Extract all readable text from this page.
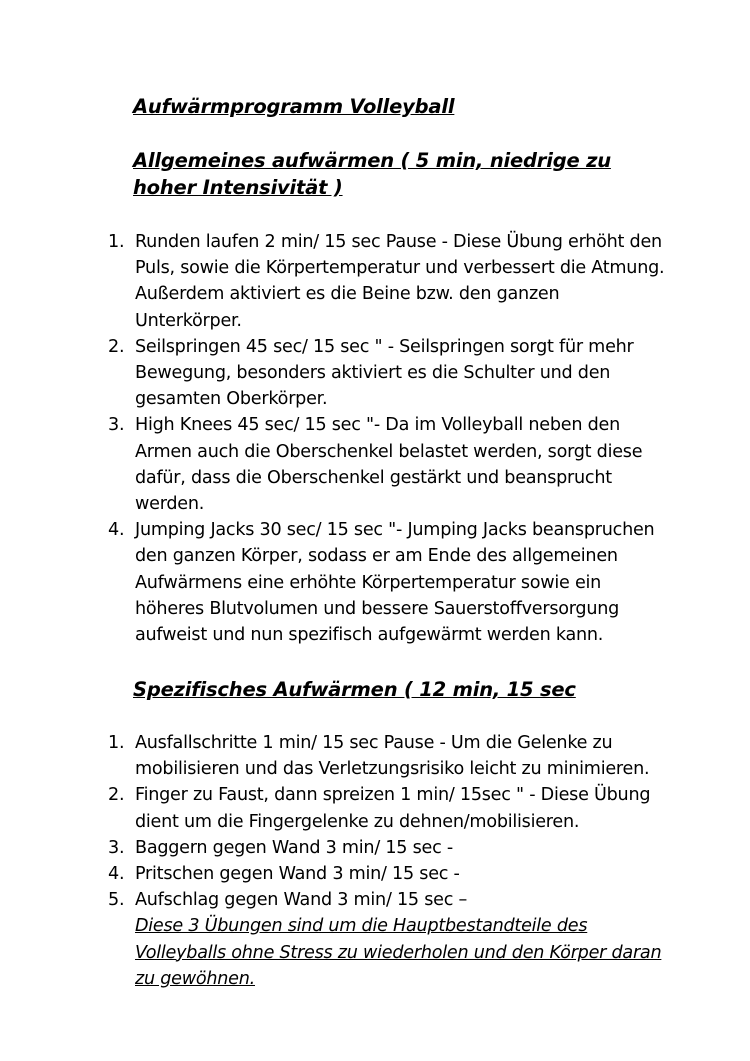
Aufwärmprogramm Volleyball
Allgemeines aufwärmen ( 5 min, niedrige zu hoher Intensivität )
1. Runden laufen 2 min/ 15 sec Pause - Diese Übung erhöht den Puls, sowie die Körpertemperatur und verbessert die Atmung. Außerdem aktiviert es die Beine bzw. den ganzen Unterkörper.
2. Seilspringen 45 sec/ 15 sec " - Seilspringen sorgt für mehr Bewegung, besonders aktiviert es die Schulter und den gesamten Oberkörper.
3. High Knees 45 sec/ 15 sec "- Da im Volleyball neben den Armen auch die Oberschenkel belastet werden, sorgt diese dafür, dass die Oberschenkel gestärkt und beansprucht werden.
4. Jumping Jacks 30 sec/ 15 sec "- Jumping Jacks beanspruchen den ganzen Körper, sodass er am Ende des allgemeinen Aufwärmens eine erhöhte Körpertemperatur sowie ein höheres Blutvolumen und bessere Sauerstoffversorgung aufweist und nun spezifisch aufgewärmt werden kann.
Spezifisches Aufwärmen ( 12 min, 15 sec
1. Ausfallschritte 1 min/ 15 sec Pause - Um die Gelenke zu mobilisieren und das Verletzungsrisiko leicht zu minimieren.
2. Finger zu Faust, dann spreizen 1 min/ 15sec " - Diese Übung dient um die Fingergelenke zu dehnen/mobilisieren.
3. Baggern gegen Wand 3 min/ 15 sec -
4. Pritschen gegen Wand 3 min/ 15 sec -
5. Aufschlag gegen Wand 3 min/ 15 sec –
Diese 3 Übungen sind um die Hauptbestandteile des Volleyballs ohne Stress zu wiederholen und den Körper daran zu gewöhnen.
